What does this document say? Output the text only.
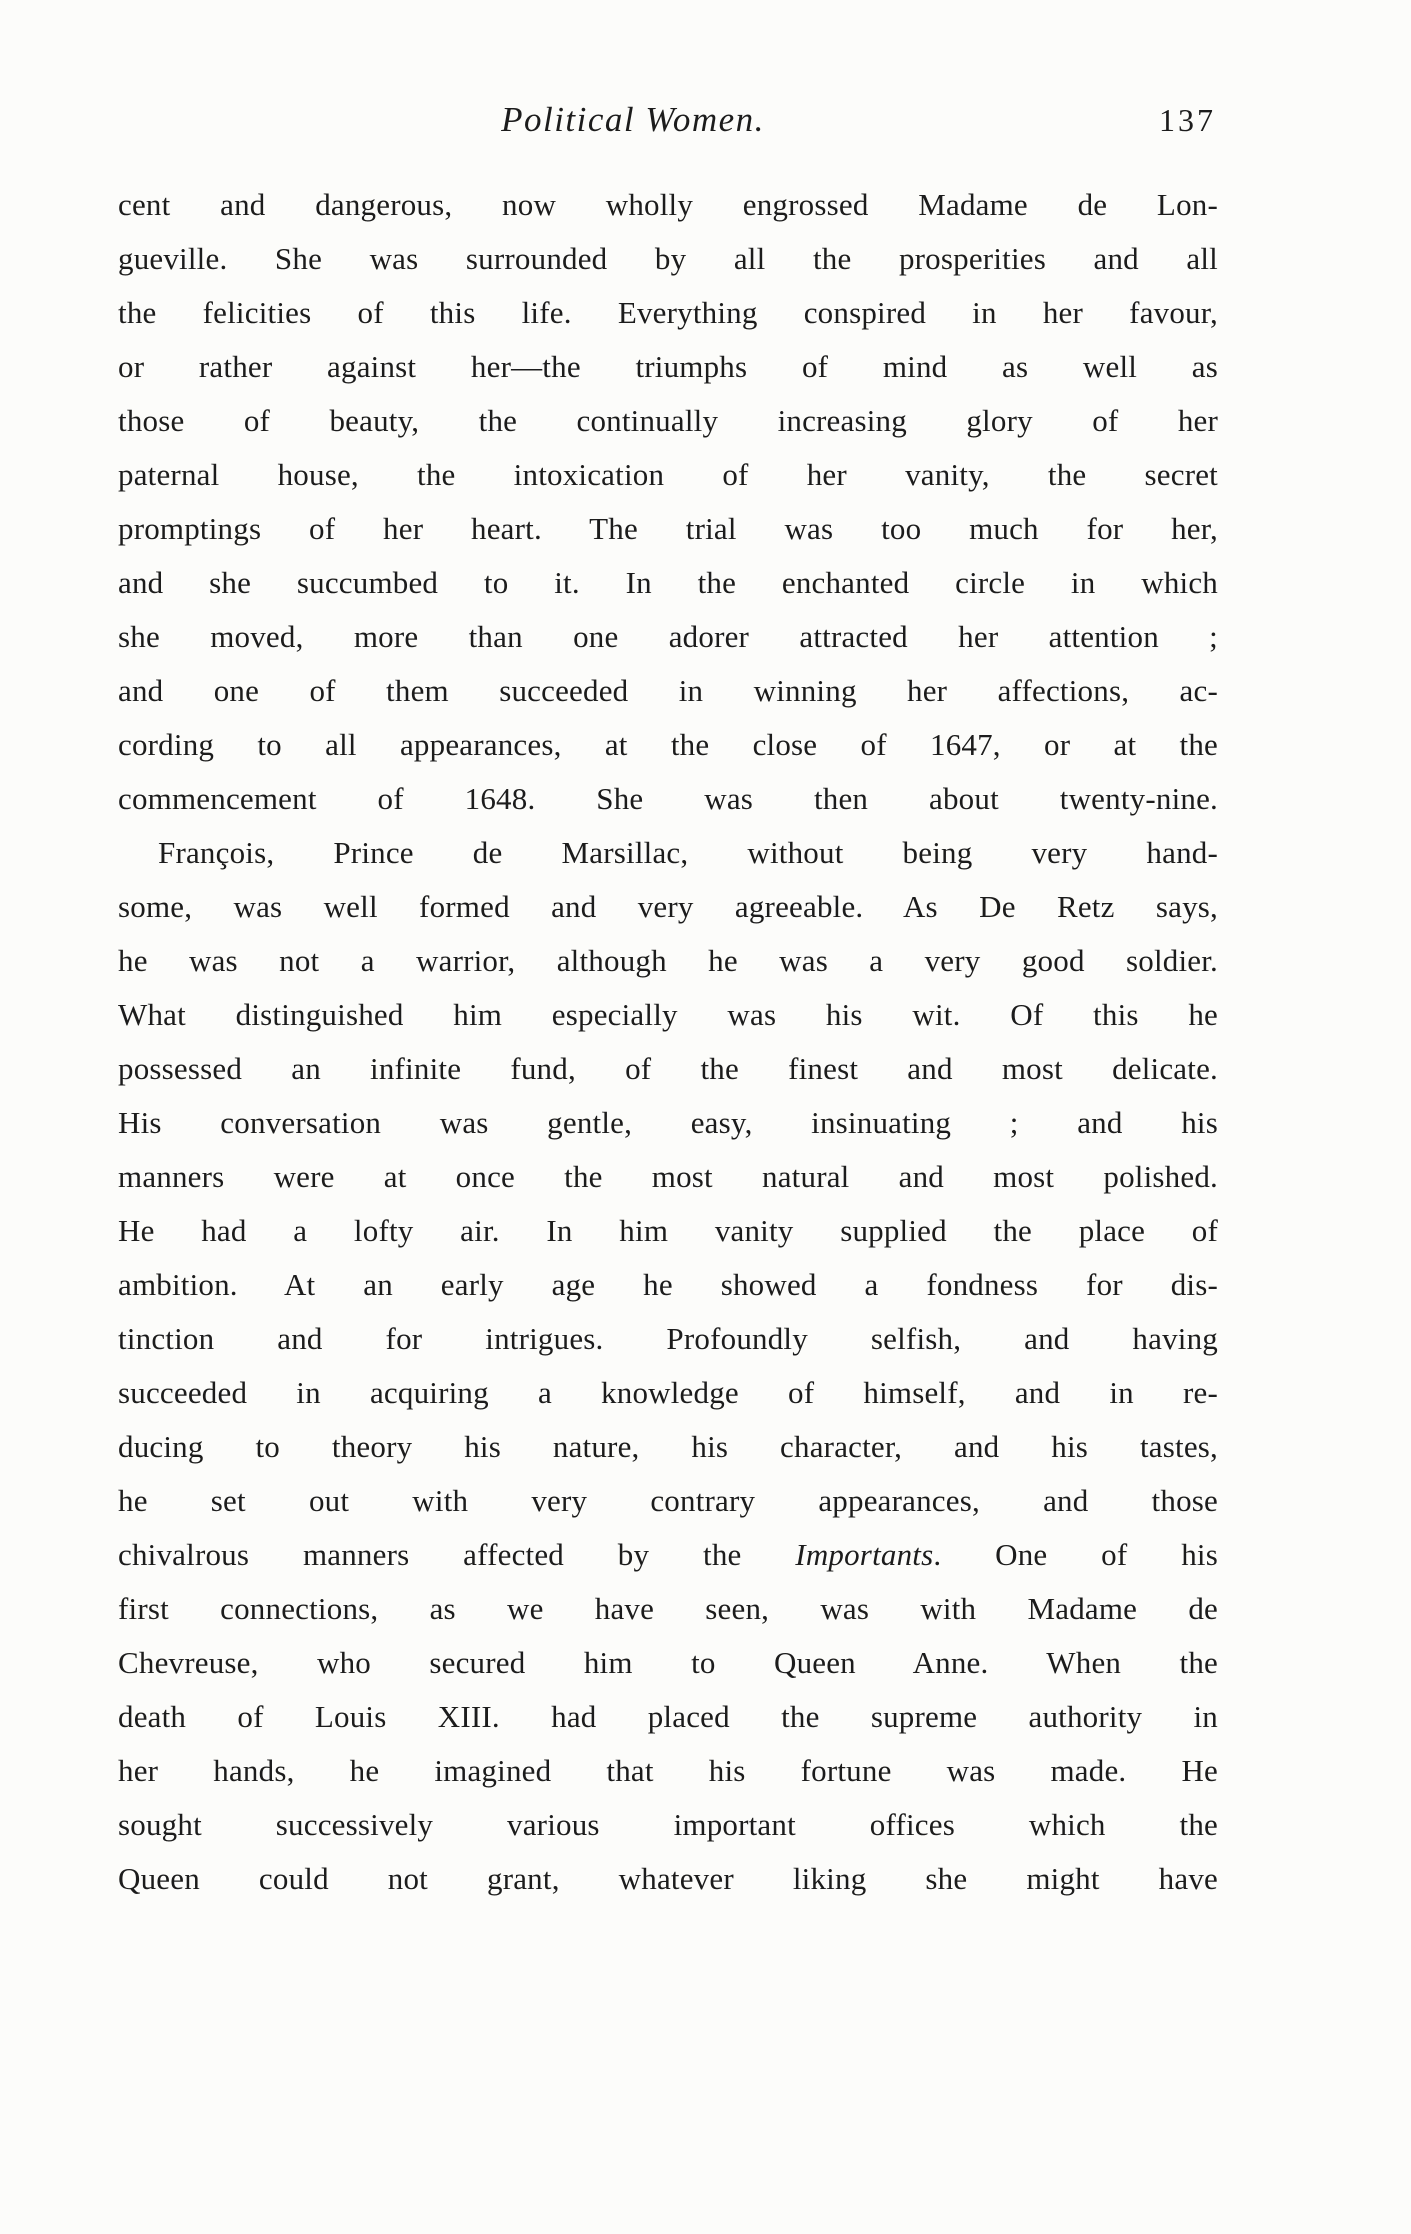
Political Women.	137
cent and dangerous, now wholly engrossed Madame de Lon-
gueville. She was surrounded by all the prosperities and all
the felicities of this life. Everything conspired in her favour,
or rather against her—the triumphs of mind as well as
those of beauty, the continually increasing glory of her
paternal house, the intoxication of her vanity, the secret
promptings of her heart. The trial was too much for her,
and she succumbed to it. In the enchanted circle in which
she moved, more than one adorer attracted her attention ;
and one of them succeeded in winning her affections, ac-
cording to all appearances, at the close of 1647, or at the
commencement of 1648. She was then about twenty-nine.
François, Prince de Marsillac, without being very hand-
some, was well formed and very agreeable. As De Retz says,
he was not a warrior, although he was a very good soldier.
What distinguished him especially was his wit. Of this he
possessed an infinite fund, of the finest and most delicate.
His conversation was gentle, easy, insinuating ; and his
manners were at once the most natural and most polished.
He had a lofty air. In him vanity supplied the place of
ambition. At an early age he showed a fondness for dis-
tinction and for intrigues. Profoundly selfish, and having
succeeded in acquiring a knowledge of himself, and in re-
ducing to theory his nature, his character, and his tastes,
he set out with very contrary appearances, and those
chivalrous manners affected by the Importants. One of his
first connections, as we have seen, was with Madame de
Chevreuse, who secured him to Queen Anne. When the
death of Louis XIII. had placed the supreme authority in
her hands, he imagined that his fortune was made. He
sought successively various important offices which the
Queen could not grant, whatever liking she might have
